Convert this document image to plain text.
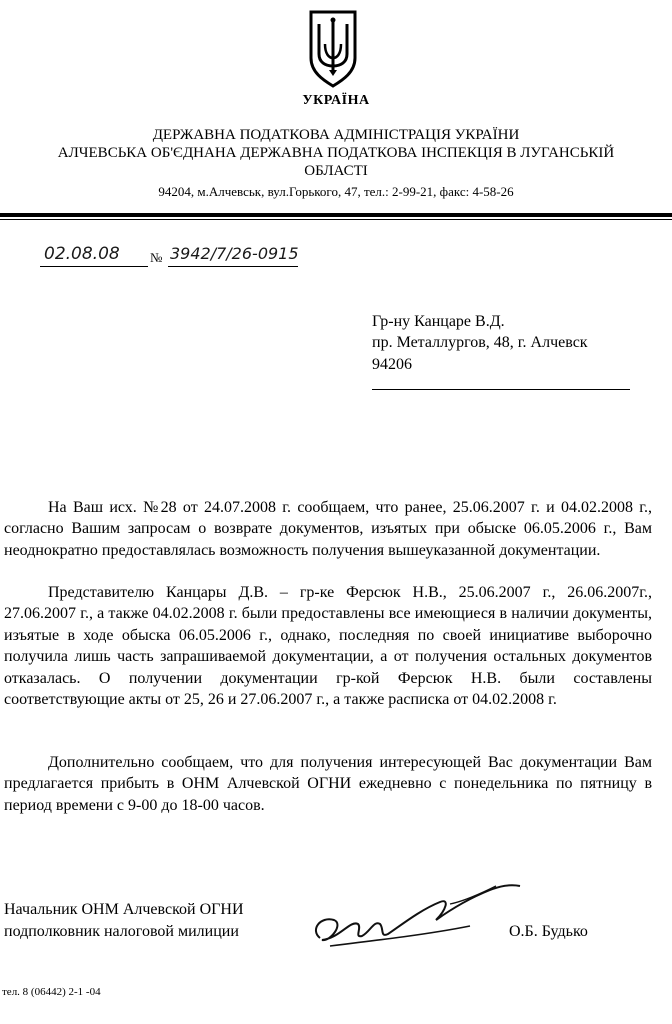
УКРАЇНА
ДЕРЖАВНА ПОДАТКОВА АДМІНІСТРАЦІЯ УКРАЇНИ
АЛЧЕВСЬКА ОБ'ЄДНАНА ДЕРЖАВНА ПОДАТКОВА ІНСПЕКЦІЯ В ЛУГАНСЬКІЙ
ОБЛАСТІ
94204, м.Алчевськ, вул.Горького, 47, тел.: 2-99-21, факс: 4-58-26
02.08.08 № 3942/7/26-0915
Гр-ну Канцаре В.Д.
пр. Металлургов, 48, г. Алчевск
94206

На Ваш исх. №28 от 24.07.2008 г. сообщаем, что ранее, 25.06.2007 г. и 04.02.2008 г., согласно Вашим запросам о возврате документов, изъятых при обыске 06.05.2006 г., Вам неоднократно предоставлялась возможность получения вышеуказанной документации.

Представителю Канцары Д.В. – гр-ке Ферсюк Н.В., 25.06.2007 г., 26.06.2007г., 27.06.2007 г., а также 04.02.2008 г. были предоставлены все имеющиеся в наличии документы, изъятые в ходе обыска 06.05.2006 г., однако, последняя по своей инициативе выборочно получила лишь часть запрашиваемой документации, а от получения остальных документов отказалась. О получении документации гр-кой Ферсюк Н.В. были составлены соответствующие акты от 25, 26 и 27.06.2007 г., а также расписка от 04.02.2008 г.

Дополнительно сообщаем, что для получения интересующей Вас документации Вам предлагается прибыть в ОНМ Алчевской ОГНИ ежедневно с понедельника по пятницу в период времени с 9-00 до 18-00 часов.

Начальник ОНМ Алчевской ОГНИ
подполковник налоговой милиции	О.Б. Будько
тел. 8 (06442) 2-1 -04
